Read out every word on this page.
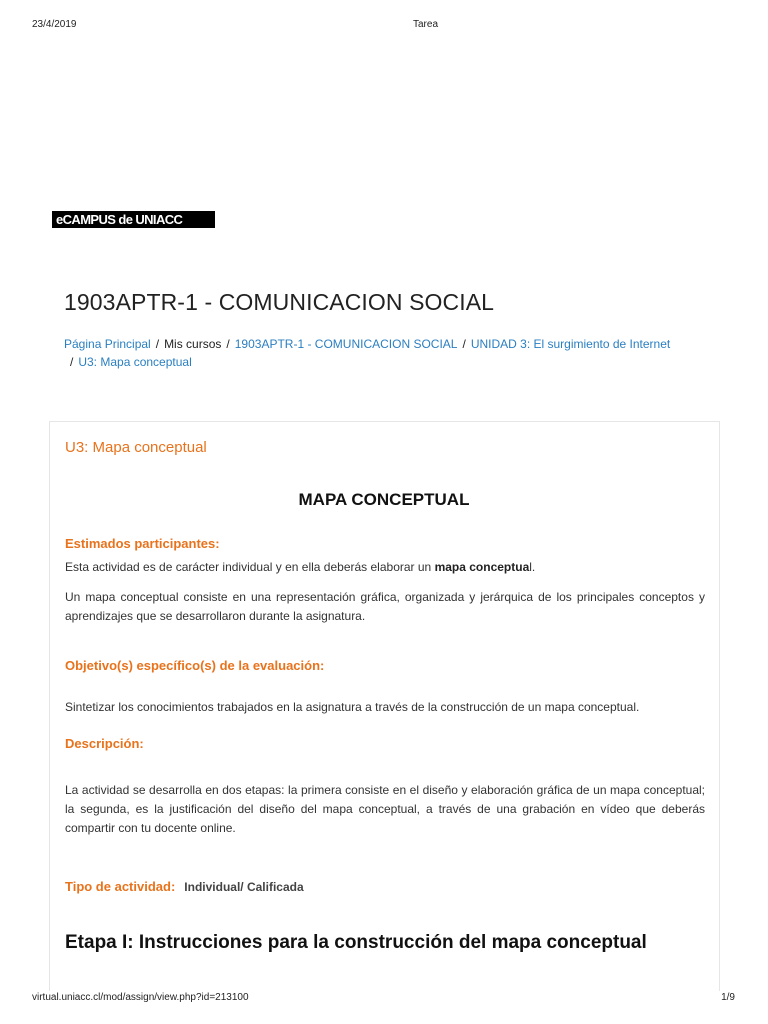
23/4/2019	Tarea
eCAMPUS de UNIACC
1903APTR-1 - COMUNICACION SOCIAL
Página Principal / Mis cursos / 1903APTR-1 - COMUNICACION SOCIAL / UNIDAD 3: El surgimiento de Internet
/ U3: Mapa conceptual
U3: Mapa conceptual
MAPA CONCEPTUAL
Estimados participantes:
Esta actividad es de carácter individual y en ella deberás elaborar un mapa conceptual.
Un mapa conceptual consiste en una representación gráfica, organizada y jerárquica de los principales conceptos y aprendizajes que se desarrollaron durante la asignatura.
Objetivo(s) específico(s) de la evaluación:
Sintetizar los conocimientos trabajados en la asignatura a través de la construcción de un mapa conceptual.
Descripción:
La actividad se desarrolla en dos etapas: la primera consiste en el diseño y elaboración gráfica de un mapa conceptual; la segunda, es la justificación del diseño del mapa conceptual, a través de una grabación en vídeo que deberás compartir con tu docente online.
Tipo de actividad: Individual/ Calificada
Etapa I: Instrucciones para la construcción del mapa conceptual
virtual.uniacc.cl/mod/assign/view.php?id=213100	1/9
